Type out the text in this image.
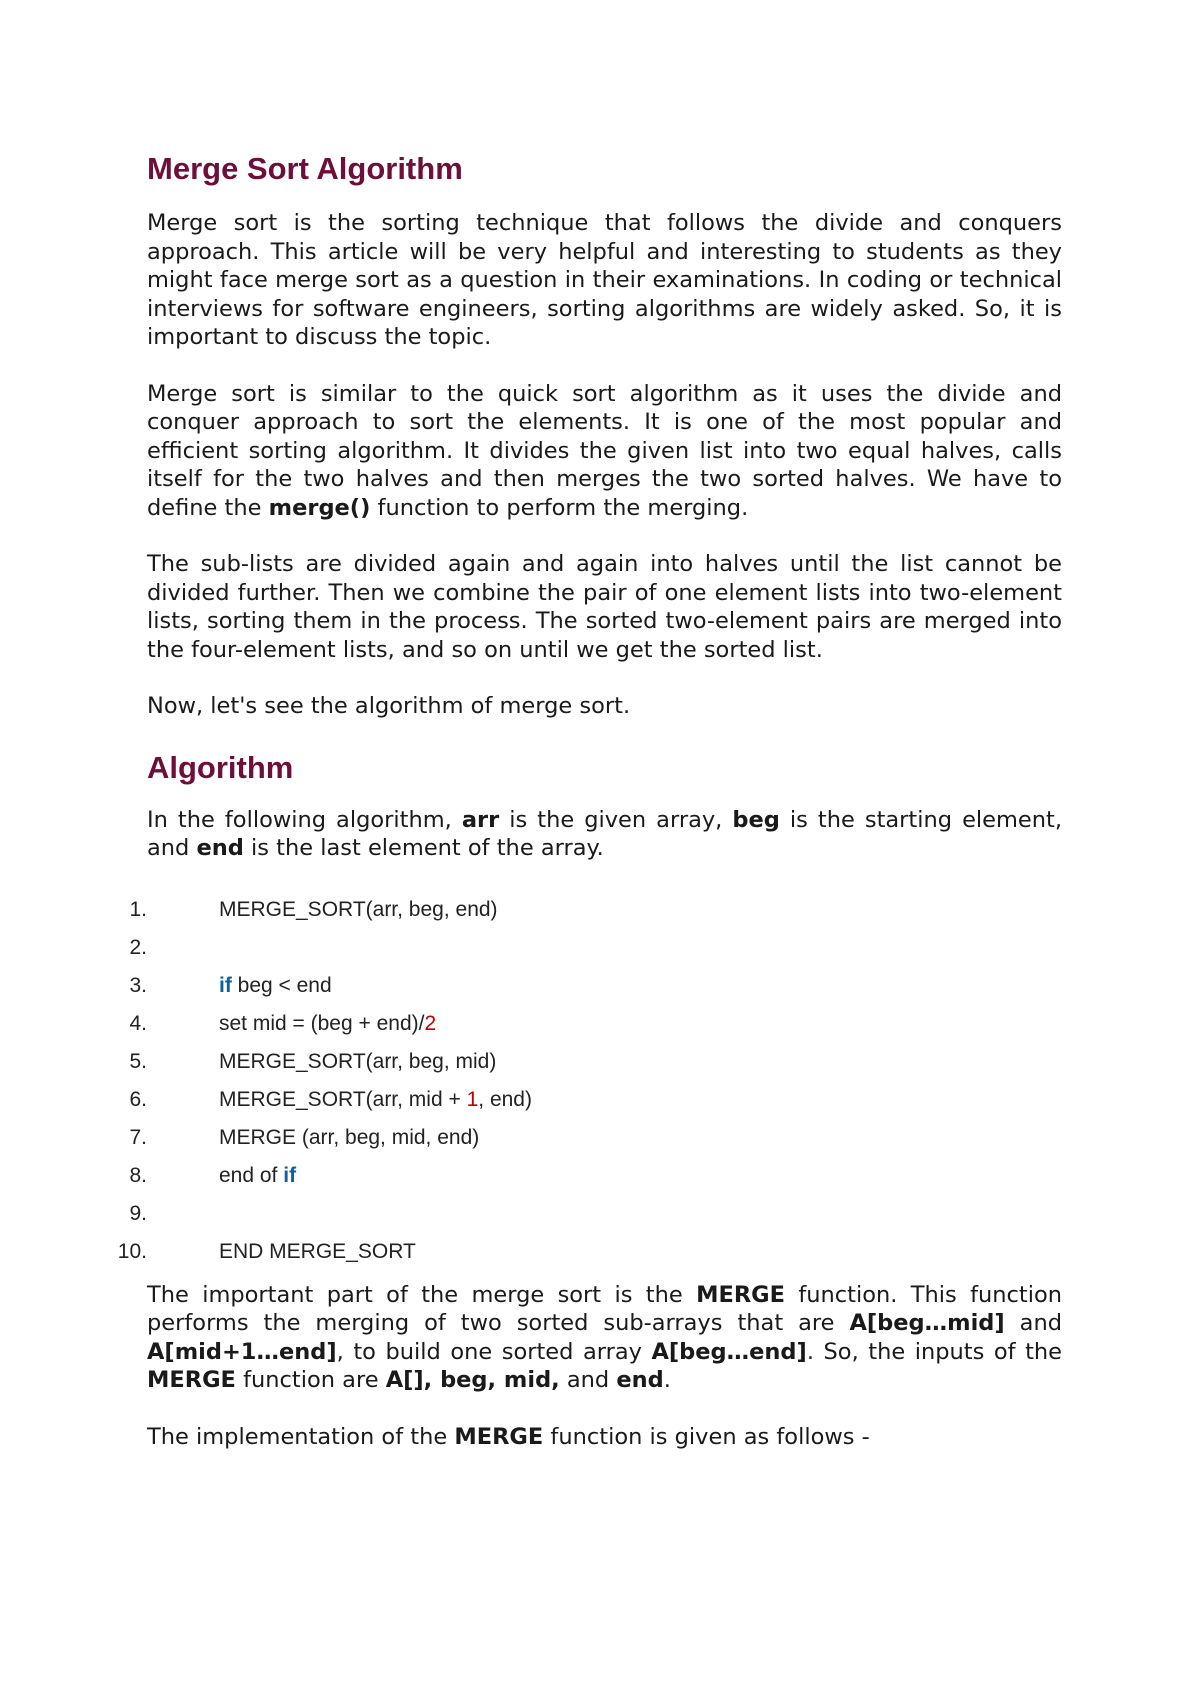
Merge Sort Algorithm

Merge sort is the sorting technique that follows the divide and conquers approach. This article will be very helpful and interesting to students as they might face merge sort as a question in their examinations. In coding or technical interviews for software engineers, sorting algorithms are widely asked. So, it is important to discuss the topic.

Merge sort is similar to the quick sort algorithm as it uses the divide and conquer approach to sort the elements. It is one of the most popular and efficient sorting algorithm. It divides the given list into two equal halves, calls itself for the two halves and then merges the two sorted halves. We have to define the merge() function to perform the merging.

The sub-lists are divided again and again into halves until the list cannot be divided further. Then we combine the pair of one element lists into two-element lists, sorting them in the process. The sorted two-element pairs are merged into the four-element lists, and so on until we get the sorted list.

Now, let's see the algorithm of merge sort.

Algorithm

In the following algorithm, arr is the given array, beg is the starting element, and end is the last element of the array.

1.	MERGE_SORT(arr, beg, end)
2.
3.	if beg < end
4.	set mid = (beg + end)/2
5.	MERGE_SORT(arr, beg, mid)
6.	MERGE_SORT(arr, mid + 1, end)
7.	MERGE (arr, beg, mid, end)
8.	end of if
9.
10.	END MERGE_SORT

The important part of the merge sort is the MERGE function. This function performs the merging of two sorted sub-arrays that are A[beg…mid] and A[mid+1…end], to build one sorted array A[beg…end]. So, the inputs of the MERGE function are A[], beg, mid, and end.

The implementation of the MERGE function is given as follows -
